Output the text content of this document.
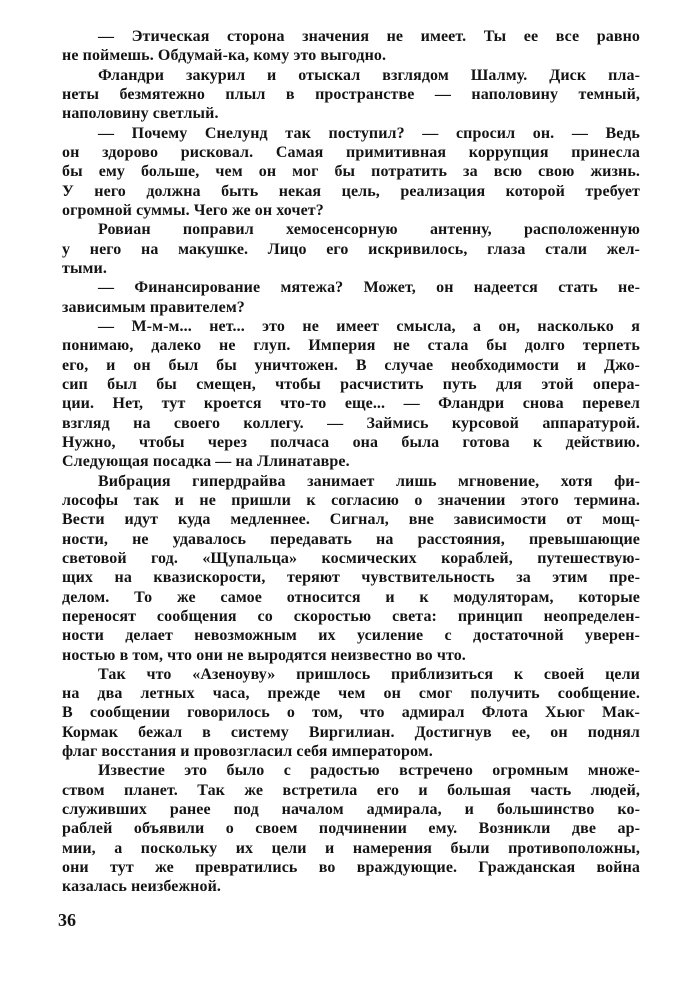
— Этическая сторона значения не имеет. Ты ее все равно
не поймешь. Обдумай-ка, кому это выгодно.
Фландри закурил и отыскал взглядом Шалму. Диск пла-
неты безмятежно плыл в пространстве — наполовину темный,
наполовину светлый.
— Почему Снелунд так поступил? — спросил он. — Ведь
он здорово рисковал. Самая примитивная коррупция принесла
бы ему больше, чем он мог бы потратить за всю свою жизнь.
У него должна быть некая цель, реализация которой требует
огромной суммы. Чего же он хочет?
Ровиан поправил хемосенсорную антенну, расположенную
у него на макушке. Лицо его искривилось, глаза стали жел-
тыми.
— Финансирование мятежа? Может, он надеется стать не-
зависимым правителем?
— М-м-м... нет... это не имеет смысла, а он, насколько я
понимаю, далеко не глуп. Империя не стала бы долго терпеть
его, и он был бы уничтожен. В случае необходимости и Джо-
сип был бы смещен, чтобы расчистить путь для этой опера-
ции. Нет, тут кроется что-то еще... — Фландри снова перевел
взгляд на своего коллегу. — Займись курсовой аппаратурой.
Нужно, чтобы через полчаса она была готова к действию.
Следующая посадка — на Ллинатавре.
Вибрация гипердрайва занимает лишь мгновение, хотя фи-
лософы так и не пришли к согласию о значении этого термина.
Вести идут куда медленнее. Сигнал, вне зависимости от мощ-
ности, не удавалось передавать на расстояния, превышающие
световой год. «Щупальца» космических кораблей, путешествую-
щих на квазискорости, теряют чувствительность за этим пре-
делом. То же самое относится и к модуляторам, которые
переносят сообщения со скоростью света: принцип неопределен-
ности делает невозможным их усиление с достаточной уверен-
ностью в том, что они не выродятся неизвестно во что.
Так что «Азеноуву» пришлось приблизиться к своей цели
на два летных часа, прежде чем он смог получить сообщение.
В сообщении говорилось о том, что адмирал Флота Хьюг Мак-
Кормак бежал в систему Виргилиан. Достигнув ее, он поднял
флаг восстания и провозгласил себя императором.
Известие это было с радостью встречено огромным множе-
ством планет. Так же встретила его и большая часть людей,
служивших ранее под началом адмирала, и большинство ко-
раблей объявили о своем подчинении ему. Возникли две ар-
мии, а поскольку их цели и намерения были противоположны,
они тут же превратились во враждующие. Гражданская война
казалась неизбежной.
36
